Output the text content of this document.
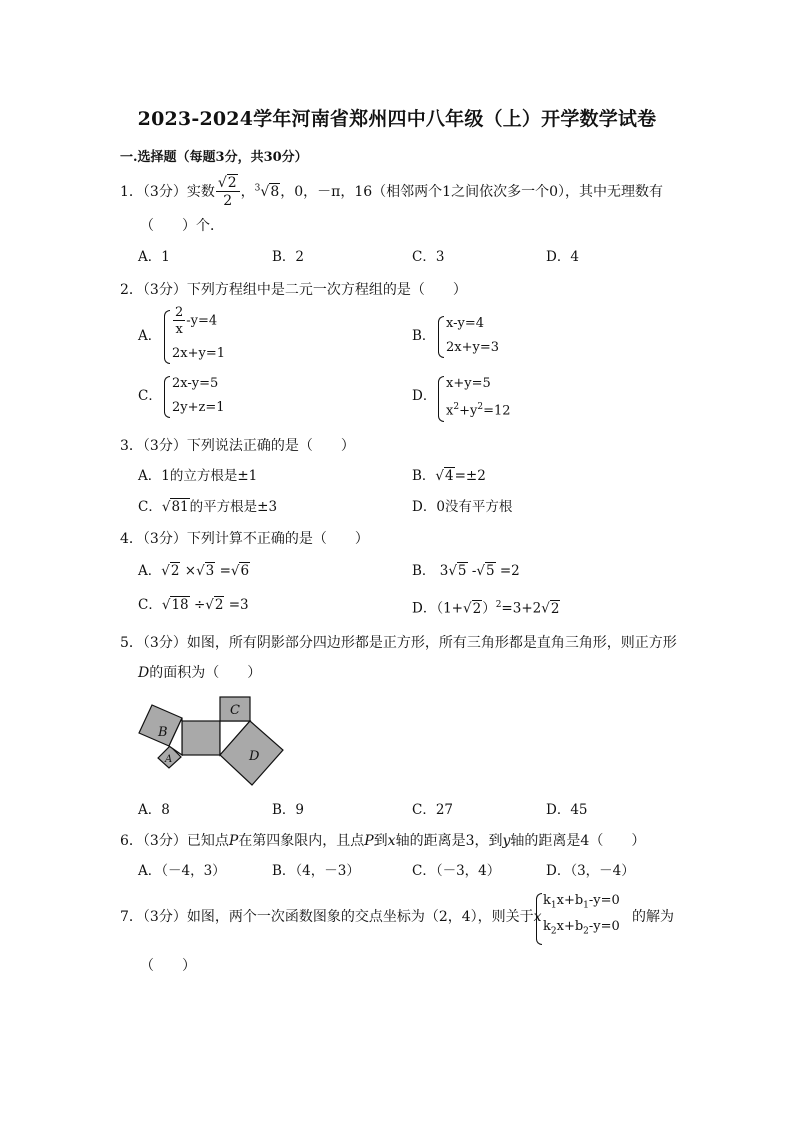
2023-2024学年河南省郑州四中八年级（上）开学数学试卷
一.选择题（每题3分，共30分）
1．（3分）实数 $\frac{√2}{2}$ ，$^3$√8，0，－π，16（相邻两个1之间依次多一个0），其中无理数有
（　　）个．
A．1	B．2	C．3	D．4
2．（3分）下列方程组中是二元一次方程组的是（　　）
A． $\frac{2}{x} -y=4$
2x+y=1
B．
x-y=4
2x+y=3
C．
2x-y=5
2y+z=1
D．
x+y=5
$x^2+y^2=12$
3．（3分）下列说法正确的是（　　）
A．1的立方根是±1	B．√4=±2
C．√81的平方根是±3	D．0没有平方根
4．（3分）下列计算不正确的是（　　）
A．√2 ×√3 =√6	B． 3√5 -√5 =2
C．√18 ÷√2 =3	D．$(1+√2)^2=3+2√2$
5．（3分）如图，所有阴影部分四边形都是正方形，所有三角形都是直角三角形，则正方形
D的面积为（　　）
B
C
A	D
A．8	B．9	C．27	D．45
6．（3分）已知点P在第四象限内，且点P到x轴的距离是3，到y轴的距离是4（　　）
A．（－4，3）	B．（4，－3）	C．（－3，4）	D．（3，－4）
7．（3分）如图，两个一次函数图象的交点坐标为（2，4），则关于x
$k_1x+b_1-y=0$
$k_2x+b_2-y=0$
的解为
（　　）
